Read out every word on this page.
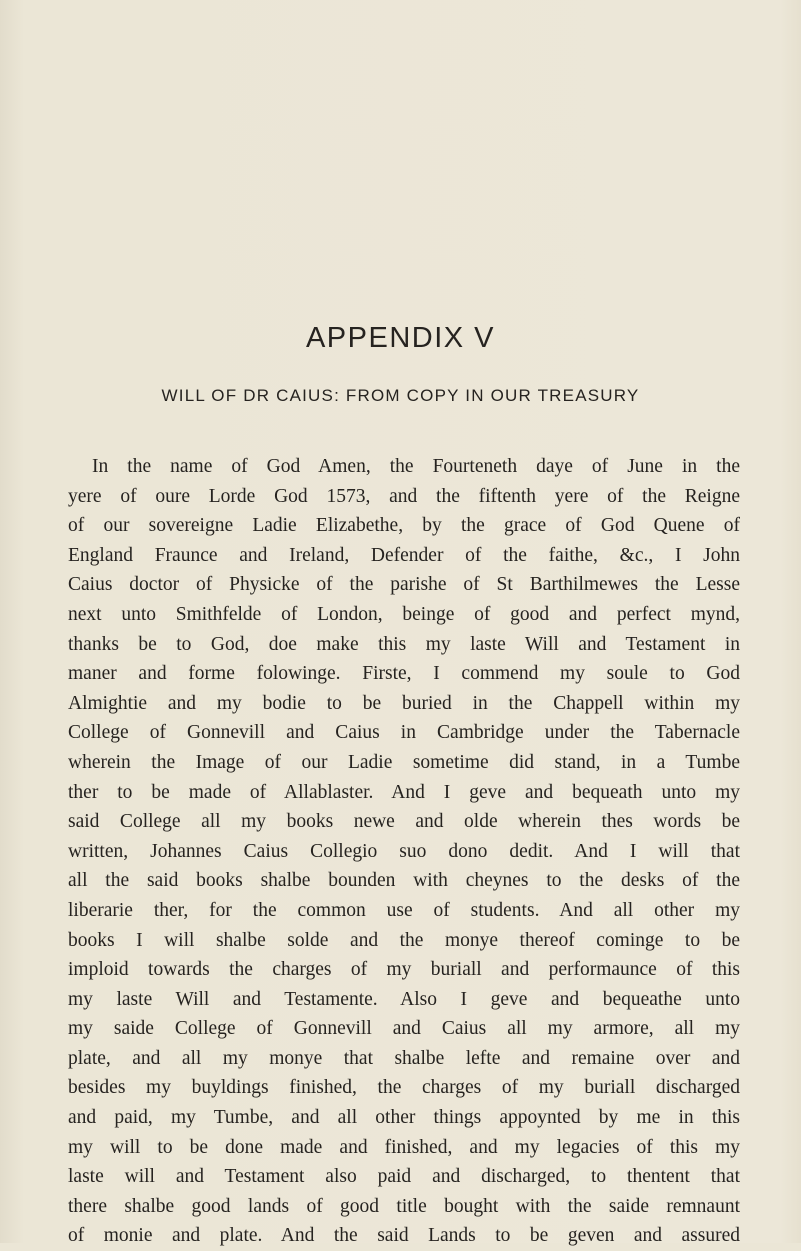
APPENDIX V
WILL OF DR CAIUS: FROM COPY IN OUR TREASURY
In the name of God Amen, the Fourteneth daye of June in the
yere of oure Lorde God 1573, and the fiftenth yere of the Reigne
of our sovereigne Ladie Elizabethe, by the grace of God Quene of
England Fraunce and Ireland, Defender of the faithe, &c., I John
Caius doctor of Physicke of the parishe of St Barthilmewes the Lesse
next unto Smithfelde of London, beinge of good and perfect mynd,
thanks be to God, doe make this my laste Will and Testament in
maner and forme folowinge. Firste, I commend my soule to God
Almightie and my bodie to be buried in the Chappell within my
College of Gonnevill and Caius in Cambridge under the Tabernacle
wherein the Image of our Ladie sometime did stand, in a Tumbe
ther to be made of Allablaster. And I geve and bequeath unto my
said College all my books newe and olde wherein thes words be
written, Johannes Caius Collegio suo dono dedit. And I will that
all the said books shalbe bounden with cheynes to the desks of the
liberarie ther, for the common use of students. And all other my
books I will shalbe solde and the monye thereof cominge to be
imploid towards the charges of my buriall and performaunce of this
my laste Will and Testamente. Also I geve and bequeathe unto
my saide College of Gonnevill and Caius all my armore, all my
plate, and all my monye that shalbe lefte and remaine over and
besides my buyldings finished, the charges of my buriall discharged
and paid, my Tumbe, and all other things appoynted by me in this
my will to be done made and finished, and my legacies of this my
laste will and Testament also paid and discharged, to thentent that
there shalbe good lands of good title bought with the saide remnaunt
of monie and plate. And the said Lands to be geven and assured
